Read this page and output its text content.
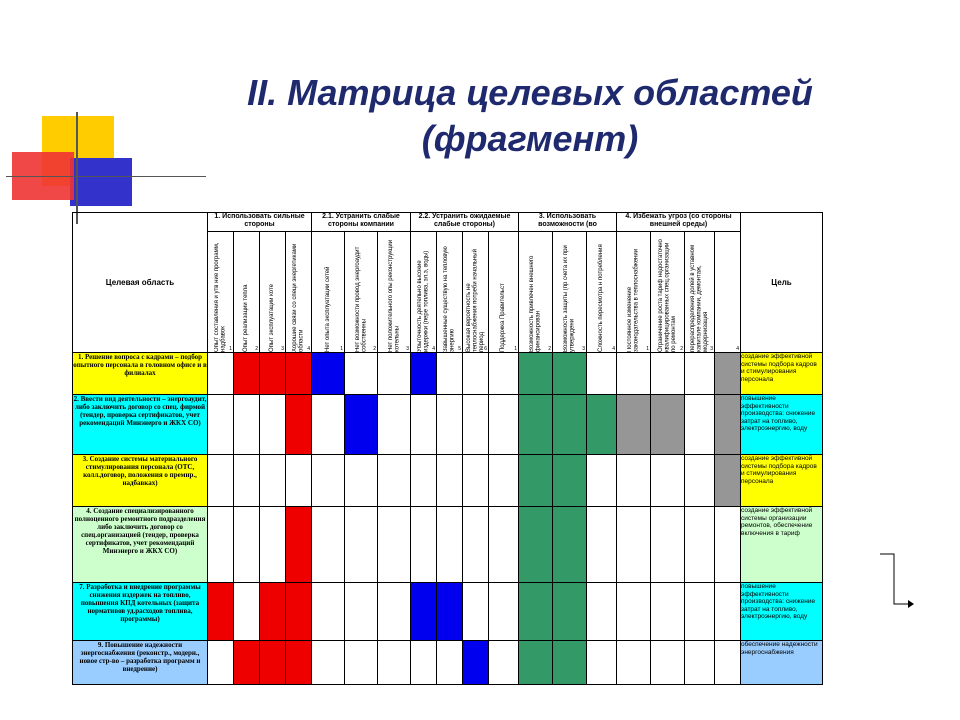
II. Матрица целевых областей
(фрагмент)
Целевая область	1. Использовать сильные стороны				2.1. Устранить слабые стороны компании			2.2. Устранить ожидаемые слабые стороны)				3. Использовать возможности (во			4. Избежать угроз (со стороны внешней среды)				Цель

	Опыт составления и утв ние программ, надбавок 1	Опыт реализации тепла 2	Опыт эксплуатации коте 3	Хорошие связи со специ энергетиками области 4	Нет опыта эксплуатации сетей 1	Нет возможности провод энергоаудит собственны 2	Нет положительного опы реконструкции котельны 3	Убыточность деятельно высокие издержки (пере топлива, эл.э, воды) 4	Завышенные существую на тепловую энергию 5	Высокая вероятность не теплоснабжения потреби начальный период 6	Поддержка Правительст 1	Возможность привлечен внешнего финансирован 2	Возможность защиты (пр счета их при утверждени 3	Сложность пересмотра н потребления 4	Постоянное изменение законодательства в теплоснабжении 1	Ограничение роста тариф недостаточно квалифицированных спец.организации по ремонтам 2	перераспределения долей в уставном капитале компании, демонтаж, модернизация 3	4	

1. Решение вопроса с кадрами – подбор опытного персонала в головном офисе и в филиалах																			создание эффективной системы подбора кадров и стимулирования персонала
2. Ввести вид деятельности – энергоаудит, либо заключить договор со спец. фирмой (тендер, проверка сертификатов, учет рекомендаций Минэнерго и ЖКХ СО)																			повышение эффективности производства: снижение затрат на топливо, электроэнергию, воду
3. Создание системы материального стимулирования персонала (ОТС, колл.договор, положения о премир., надбавках)																			создание эффективной системы подбора кадров и стимулирования персонала
4. Создание специализированного полноценного ремонтного подразделения либо заключить договор со спец.организацией (тендер, проверка сертификатов, учет рекомендаций Минэнерго и ЖКХ СО)																			создание эффективной системы организации ремонтов, обеспечение включения в тариф
7. Разработка и внедрение программы снижения издержек на топливо, повышения КПД котельных (защита нормативов уд.расходов топлива, программы)																			повышение эффективности производства: снижение затрат на топливо, электроэнергию, воду
9. Повышение надежности энергоснабжения (реконстр., модерн., новое стр-во – разработка программ и внедрение)																			обеспечение надежности энергоснабжения
